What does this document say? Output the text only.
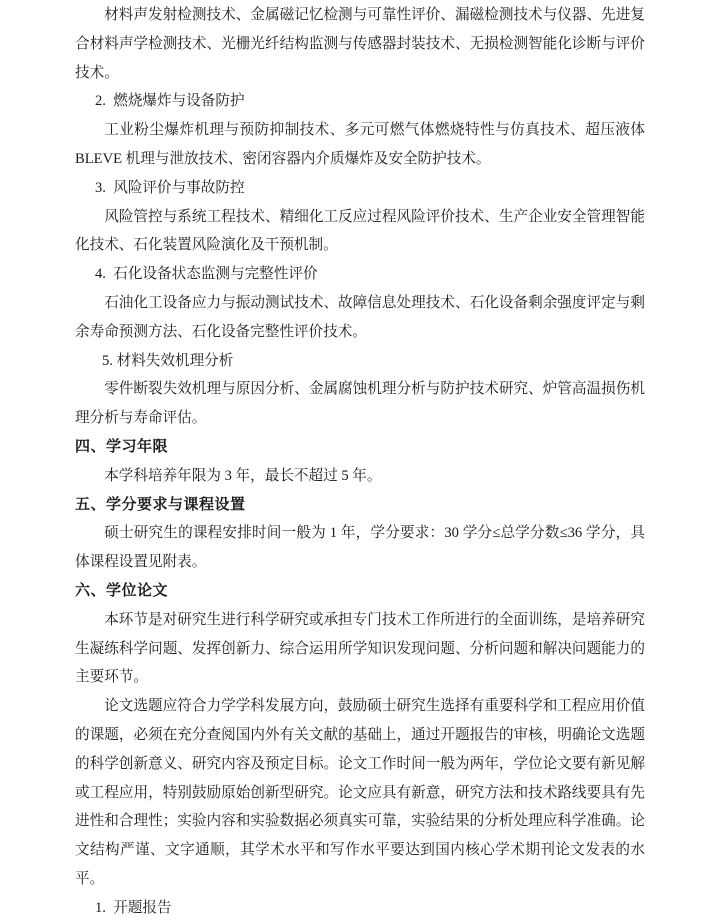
材料声发射检测技术、金属磁记忆检测与可靠性评价、漏磁检测技术与仪器、先进复合材料声学检测技术、光栅光纤结构监测与传感器封装技术、无损检测智能化诊断与评价技术。

2.  燃烧爆炸与设备防护

工业粉尘爆炸机理与预防抑制技术、多元可燃气体燃烧特性与仿真技术、超压液体 BLEVE 机理与泄放技术、密闭容器内介质爆炸及安全防护技术。

3.  风险评价与事故防控

风险管控与系统工程技术、精细化工反应过程风险评价技术、生产企业安全管理智能化技术、石化装置风险演化及干预机制。

4.  石化设备状态监测与完整性评价

石油化工设备应力与振动测试技术、故障信息处理技术、石化设备剩余强度评定与剩余寿命预测方法、石化设备完整性评价技术。

5. 材料失效机理分析

零件断裂失效机理与原因分析、金属腐蚀机理分析与防护技术研究、炉管高温损伤机理分析与寿命评估。

四、学习年限

本学科培养年限为 3 年，最长不超过 5 年。

五、学分要求与课程设置

硕士研究生的课程安排时间一般为 1 年，学分要求：30 学分≤总学分数≤36 学分，具体课程设置见附表。

六、学位论文

本环节是对研究生进行科学研究或承担专门技术工作所进行的全面训练，是培养研究生凝练科学问题、发挥创新力、综合运用所学知识发现问题、分析问题和解决问题能力的主要环节。

论文选题应符合力学学科发展方向，鼓励硕士研究生选择有重要科学和工程应用价值的课题，必须在充分查阅国内外有关文献的基础上，通过开题报告的审核，明确论文选题的科学创新意义、研究内容及预定目标。论文工作时间一般为两年，学位论文要有新见解或工程应用，特别鼓励原始创新型研究。论文应具有新意，研究方法和技术路线要具有先进性和合理性；实验内容和实验数据必须真实可靠，实验结果的分析处理应科学准确。论文结构严谨、文字通顺，其学术水平和写作水平要达到国内核心学术期刊论文发表的水平。

1.  开题报告
